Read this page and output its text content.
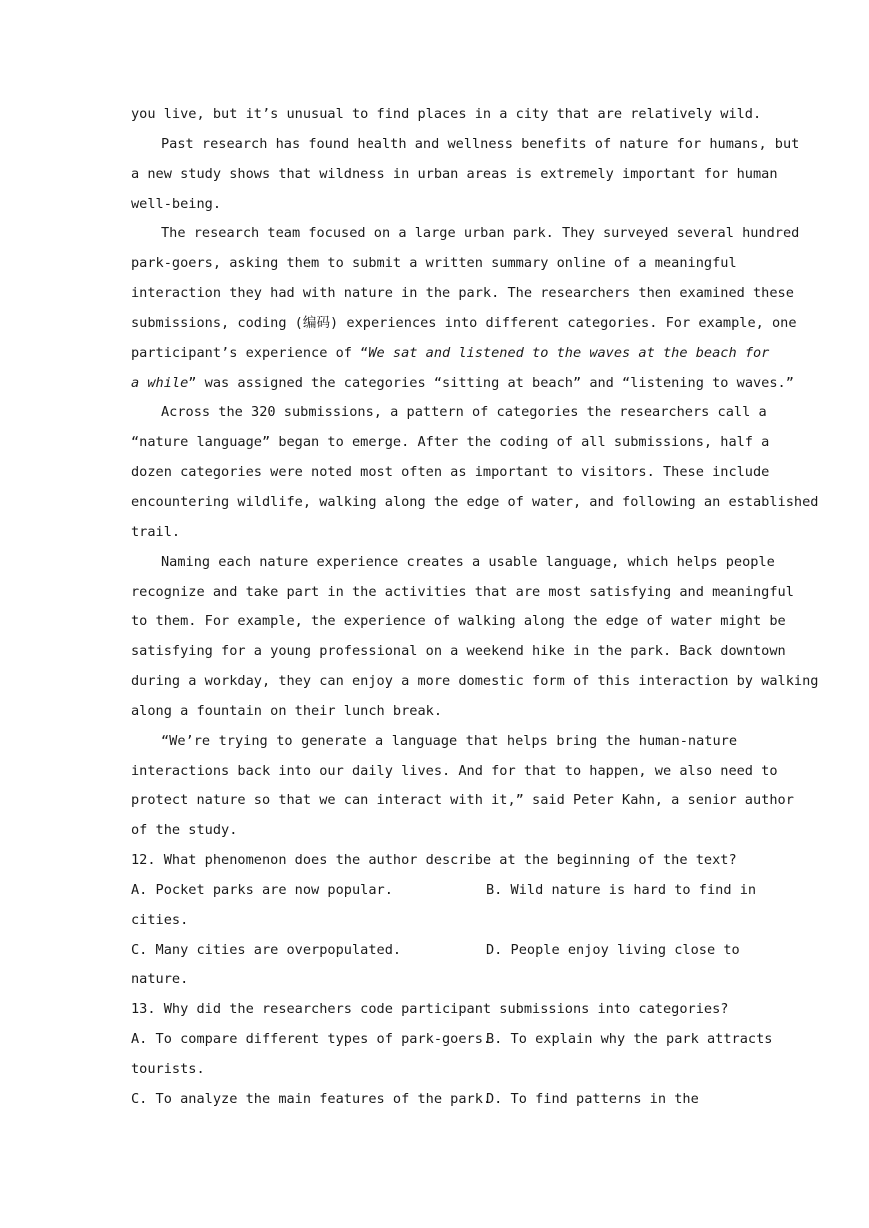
you live, but it’s unusual to find places in a city that are relatively wild.
Past research has found health and wellness benefits of nature for humans, but
a new study shows that wildness in urban areas is extremely important for human
well-being.
The research team focused on a large urban park. They surveyed several hundred
park-goers, asking them to submit a written summary online of a meaningful
interaction they had with nature in the park. The researchers then examined these
submissions, coding (编码) experiences into different categories. For example, one
participant’s experience of “We sat and listened to the waves at the beach for
a while” was assigned the categories “sitting at beach” and “listening to waves.”
Across the 320 submissions, a pattern of categories the researchers call a
“nature language” began to emerge. After the coding of all submissions, half a
dozen categories were noted most often as important to visitors. These include
encountering wildlife, walking along the edge of water, and following an established
trail.
Naming each nature experience creates a usable language, which helps people
recognize and take part in the activities that are most satisfying and meaningful
to them. For example, the experience of walking along the edge of water might be
satisfying for a young professional on a weekend hike in the park. Back downtown
during a workday, they can enjoy a more domestic form of this interaction by walking
along a fountain on their lunch break.
“We’re trying to generate a language that helps bring the human-nature
interactions back into our daily lives. And for that to happen, we also need to
protect nature so that we can interact with it,” said Peter Kahn, a senior author
of the study.
12. What phenomenon does the author describe at the beginning of the text?
A. Pocket parks are now popular.	B. Wild nature is hard to find in
cities.
C. Many cities are overpopulated.	D. People enjoy living close to
nature.
13. Why did the researchers code participant submissions into categories?
A. To compare different types of park-goers.
B. To explain why the park attracts
tourists.
C. To analyze the main features of the park.
D. To find patterns in the
